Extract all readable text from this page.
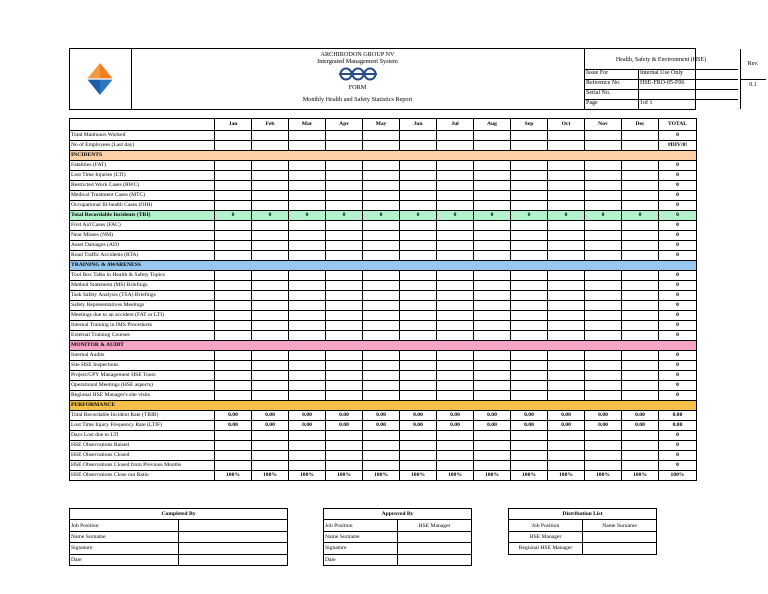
ARCHIRODON GROUP NV
Intergrated Management System
FORM
Monthly Health and Safety Statistics Report
Health, Safety & Environment (HSE)
Issue For	Internal Use Only
Reference No.	HSE-FRO-05-F06
Serial No.
Page	1of 1
Rev.
0.1
	Jan	Feb	Mar	Apr	May	Jun	Jul	Aug	Sep	Oct	Nov	Dec	TOTAL
Total Manhours Worked													0
No of Employees (Last day)													#DIV/0!
INCIDENTS													
Fatalities (FAT)													0
Lost Time Injuries (LTI)													0
Restricted Work Cases (RWC)													0
Medical Treatment Cases (MTC)													0
Occupational Ill-health Cases (OIH)													0
Total Recordable Incidents (TRI)	0	0	0	0	0	0	0	0	0	0	0	0	0
First Aid Cases (FAC)													0
Near Misses (NM)													0
Asset Damages (AD)													0
Road Traffic Accidents (RTA)													0
TRAINING & AWARENESS													
Tool Box Talks in Health & Safety Topics													0
Method Statement (MS) Briefings													0
Task Safety Analysis (TSA) Briefings													0
Safety Representatives Meetings													0
Meetings due to an accident (FAT or LTI)													0
Internal Training in IMS Procedures													0
External Training Courses													0
MONITOR & AUDIT													
Internal Audits													0
Site HSE Inspections													0
Project/CPY Management HSE Tours													0
Operational Meetings (HSE aspects)													0
Regional HSE Manager's site visits													0
PERFORMANCE													
Total Recordable Incident Rate (TRIR)	0.00	0.00	0.00	0.00	0.00	0.00	0.00	0.00	0.00	0.00	0.00	0.00	0.00
Lost Time Injury Frequency Rate (LTIF)	0.00	0.00	0.00	0.00	0.00	0.00	0.00	0.00	0.00	0.00	0.00	0.00	0.00
Days Lost due to LTI													0
HSE Observations Raised													0
HSE Observations Closed													0
HSE Observations Closed from Previous Months													0
HSE Observations Close out Ratio	100%	100%	100%	100%	100%	100%	100%	100%	100%	100%	100%	100%	100%
Completed By	
Job Position	
Name Surname	
Signature	
Date	
Approved By	
Job Position	HSE Manager
Name Surname	
Signature	
Date	
Distribution List	
Job Position	Name Surname
HSE Manager	
Regional HSE Manager	
